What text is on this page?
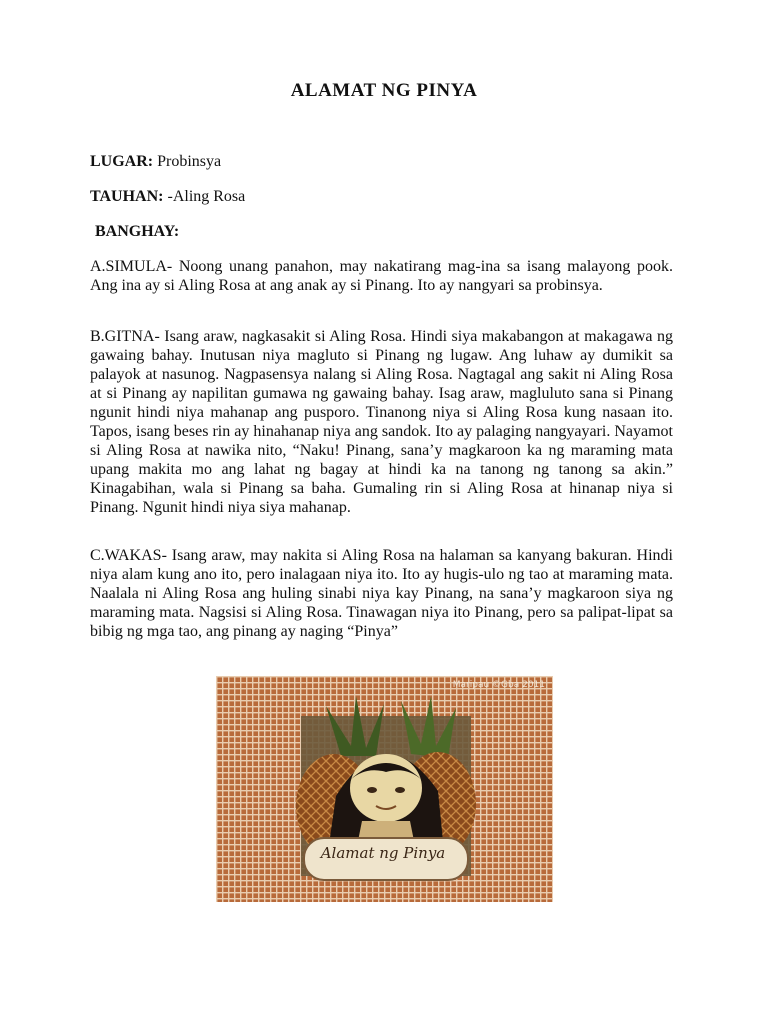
ALAMAT NG PINYA

LUGAR: Probinsya

TAUHAN: -Aling Rosa

BANGHAY:

A.SIMULA- Noong unang panahon, may nakatirang mag-ina sa isang malayong pook. Ang ina ay si Aling Rosa at ang anak ay si Pinang. Ito ay nangyari sa probinsya.

B.GITNA- Isang araw, nagkasakit si Aling Rosa. Hindi siya makabangon at makagawa ng gawaing bahay. Inutusan niya magluto si Pinang ng lugaw. Ang luhaw ay dumikit sa palayok at nasunog. Nagpasensya nalang si Aling Rosa. Nagtagal ang sakit ni Aling Rosa at si Pinang ay napilitan gumawa ng gawaing bahay. Isag araw, magluluto sana si Pinang ngunit hindi niya mahanap ang pusporo. Tinanong niya si Aling Rosa kung nasaan ito. Tapos, isang beses rin ay hinahanap niya ang sandok. Ito ay palaging nangyayari. Nayamot si Aling Rosa at nawika nito, “Naku! Pinang, sana’y magkaroon ka ng maraming mata upang makita mo ang lahat ng bagay at hindi ka na tanong ng tanong sa akin.” Kinagabihan, wala si Pinang sa baha. Gumaling rin si Aling Rosa at hinanap niya si Pinang. Ngunit hindi niya siya mahanap.

C.WAKAS- Isang araw, may nakita si Aling Rosa na halaman sa kanyang bakuran. Hindi niya alam kung ano ito, pero inalagaan niya ito. Ito ay hugis-ulo ng tao at maraming mata. Naalala ni Aling Rosa ang huling sinabi niya kay Pinang, na sana’y magkaroon siya ng maraming mata. Nagsisi si Aling Rosa. Tinawagan niya ito Pinang, pero sa palipat-lipat sa bibig ng mga tao, ang pinang ay naging “Pinya”

Maripau ©Gba 2011
Alamat ng Pinya
